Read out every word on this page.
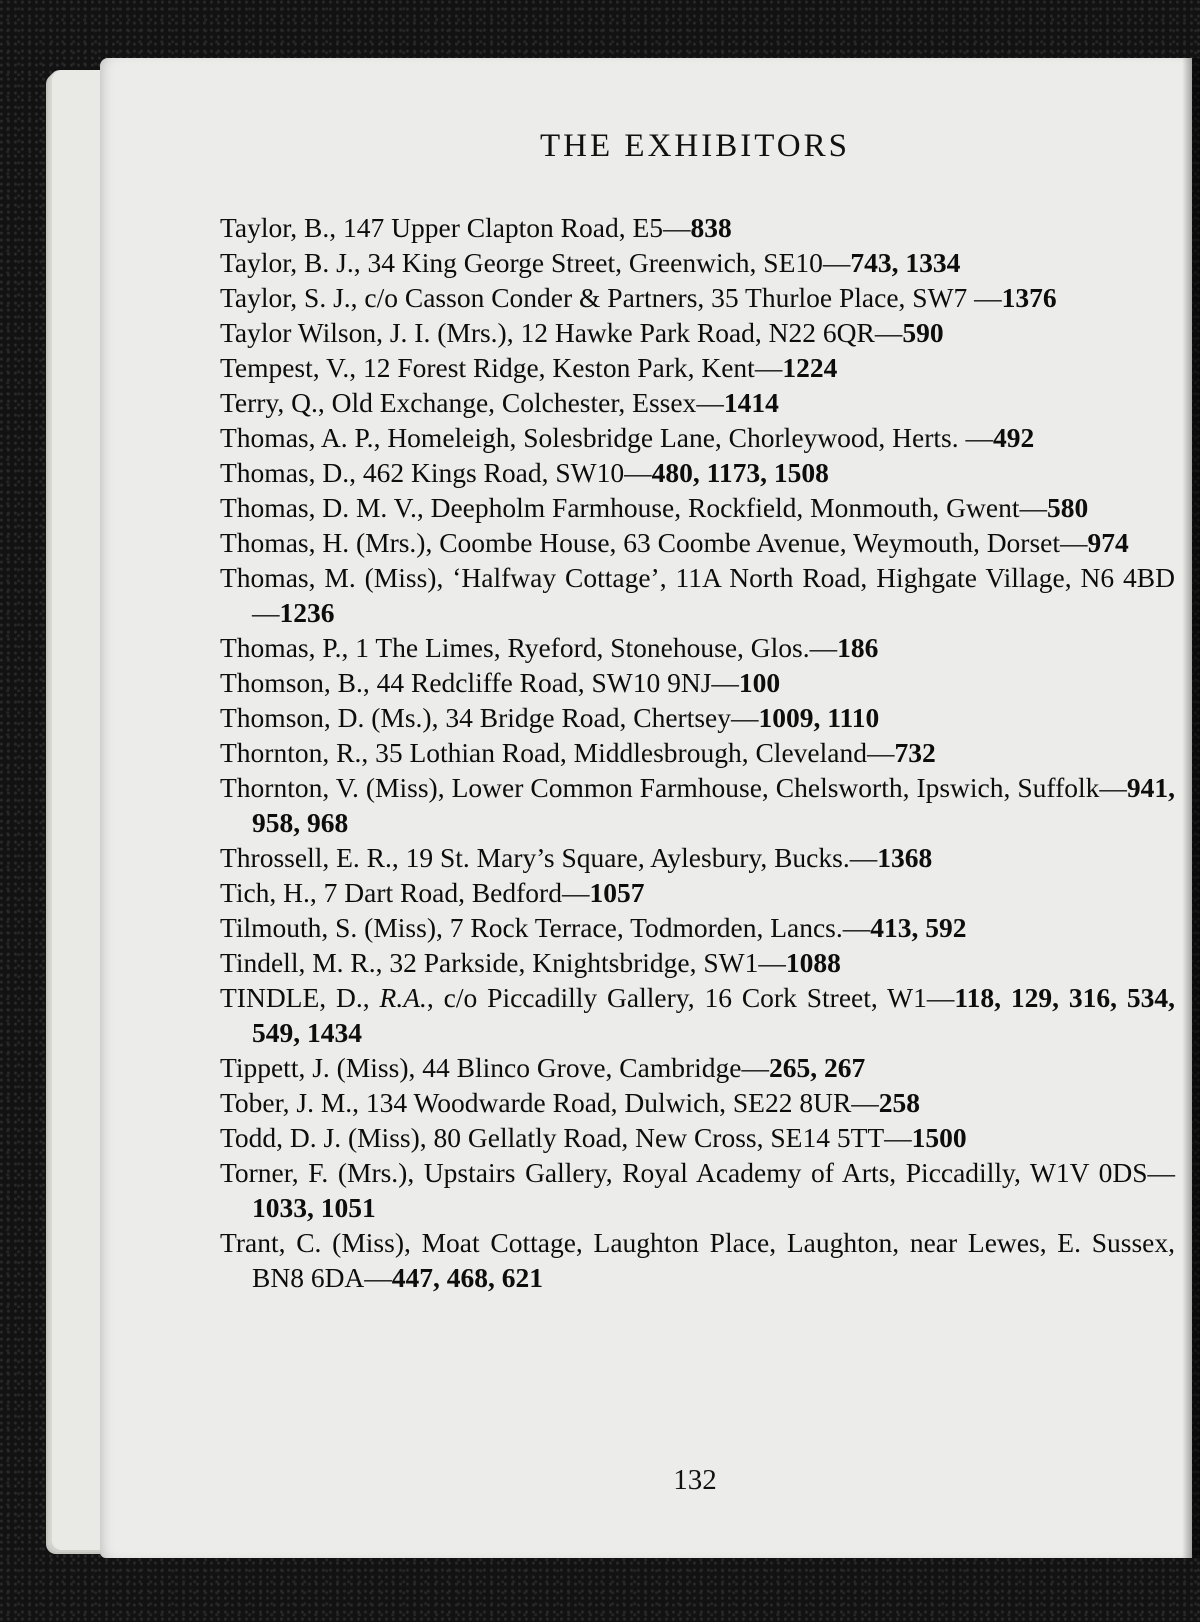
THE EXHIBITORS
Taylor, B., 147 Upper Clapton Road, E5—838
Taylor, B. J., 34 King George Street, Greenwich, SE10—743, 1334
Taylor, S. J., c/o Casson Conder & Partners, 35 Thurloe Place, SW7 —1376
Taylor Wilson, J. I. (Mrs.), 12 Hawke Park Road, N22 6QR—590
Tempest, V., 12 Forest Ridge, Keston Park, Kent—1224
Terry, Q., Old Exchange, Colchester, Essex—1414
Thomas, A. P., Homeleigh, Solesbridge Lane, Chorleywood, Herts. —492
Thomas, D., 462 Kings Road, SW10—480, 1173, 1508
Thomas, D. M. V., Deepholm Farmhouse, Rockfield, Monmouth, Gwent—580
Thomas, H. (Mrs.), Coombe House, 63 Coombe Avenue, Weymouth, Dorset—974
Thomas, M. (Miss), ‘Halfway Cottage’, 11A North Road, Highgate Village, N6 4BD—1236
Thomas, P., 1 The Limes, Ryeford, Stonehouse, Glos.—186
Thomson, B., 44 Redcliffe Road, SW10 9NJ—100
Thomson, D. (Ms.), 34 Bridge Road, Chertsey—1009, 1110
Thornton, R., 35 Lothian Road, Middlesbrough, Cleveland—732
Thornton, V. (Miss), Lower Common Farmhouse, Chelsworth, Ipswich, Suffolk—941, 958, 968
Throssell, E. R., 19 St. Mary’s Square, Aylesbury, Bucks.—1368
Tich, H., 7 Dart Road, Bedford—1057
Tilmouth, S. (Miss), 7 Rock Terrace, Todmorden, Lancs.—413, 592
Tindell, M. R., 32 Parkside, Knightsbridge, SW1—1088
TINDLE, D., R.A., c/o Piccadilly Gallery, 16 Cork Street, W1—118, 129, 316, 534, 549, 1434
Tippett, J. (Miss), 44 Blinco Grove, Cambridge—265, 267
Tober, J. M., 134 Woodwarde Road, Dulwich, SE22 8UR—258
Todd, D. J. (Miss), 80 Gellatly Road, New Cross, SE14 5TT—1500
Torner, F. (Mrs.), Upstairs Gallery, Royal Academy of Arts, Piccadilly, W1V 0DS—1033, 1051
Trant, C. (Miss), Moat Cottage, Laughton Place, Laughton, near Lewes, E. Sussex, BN8 6DA—447, 468, 621
132
